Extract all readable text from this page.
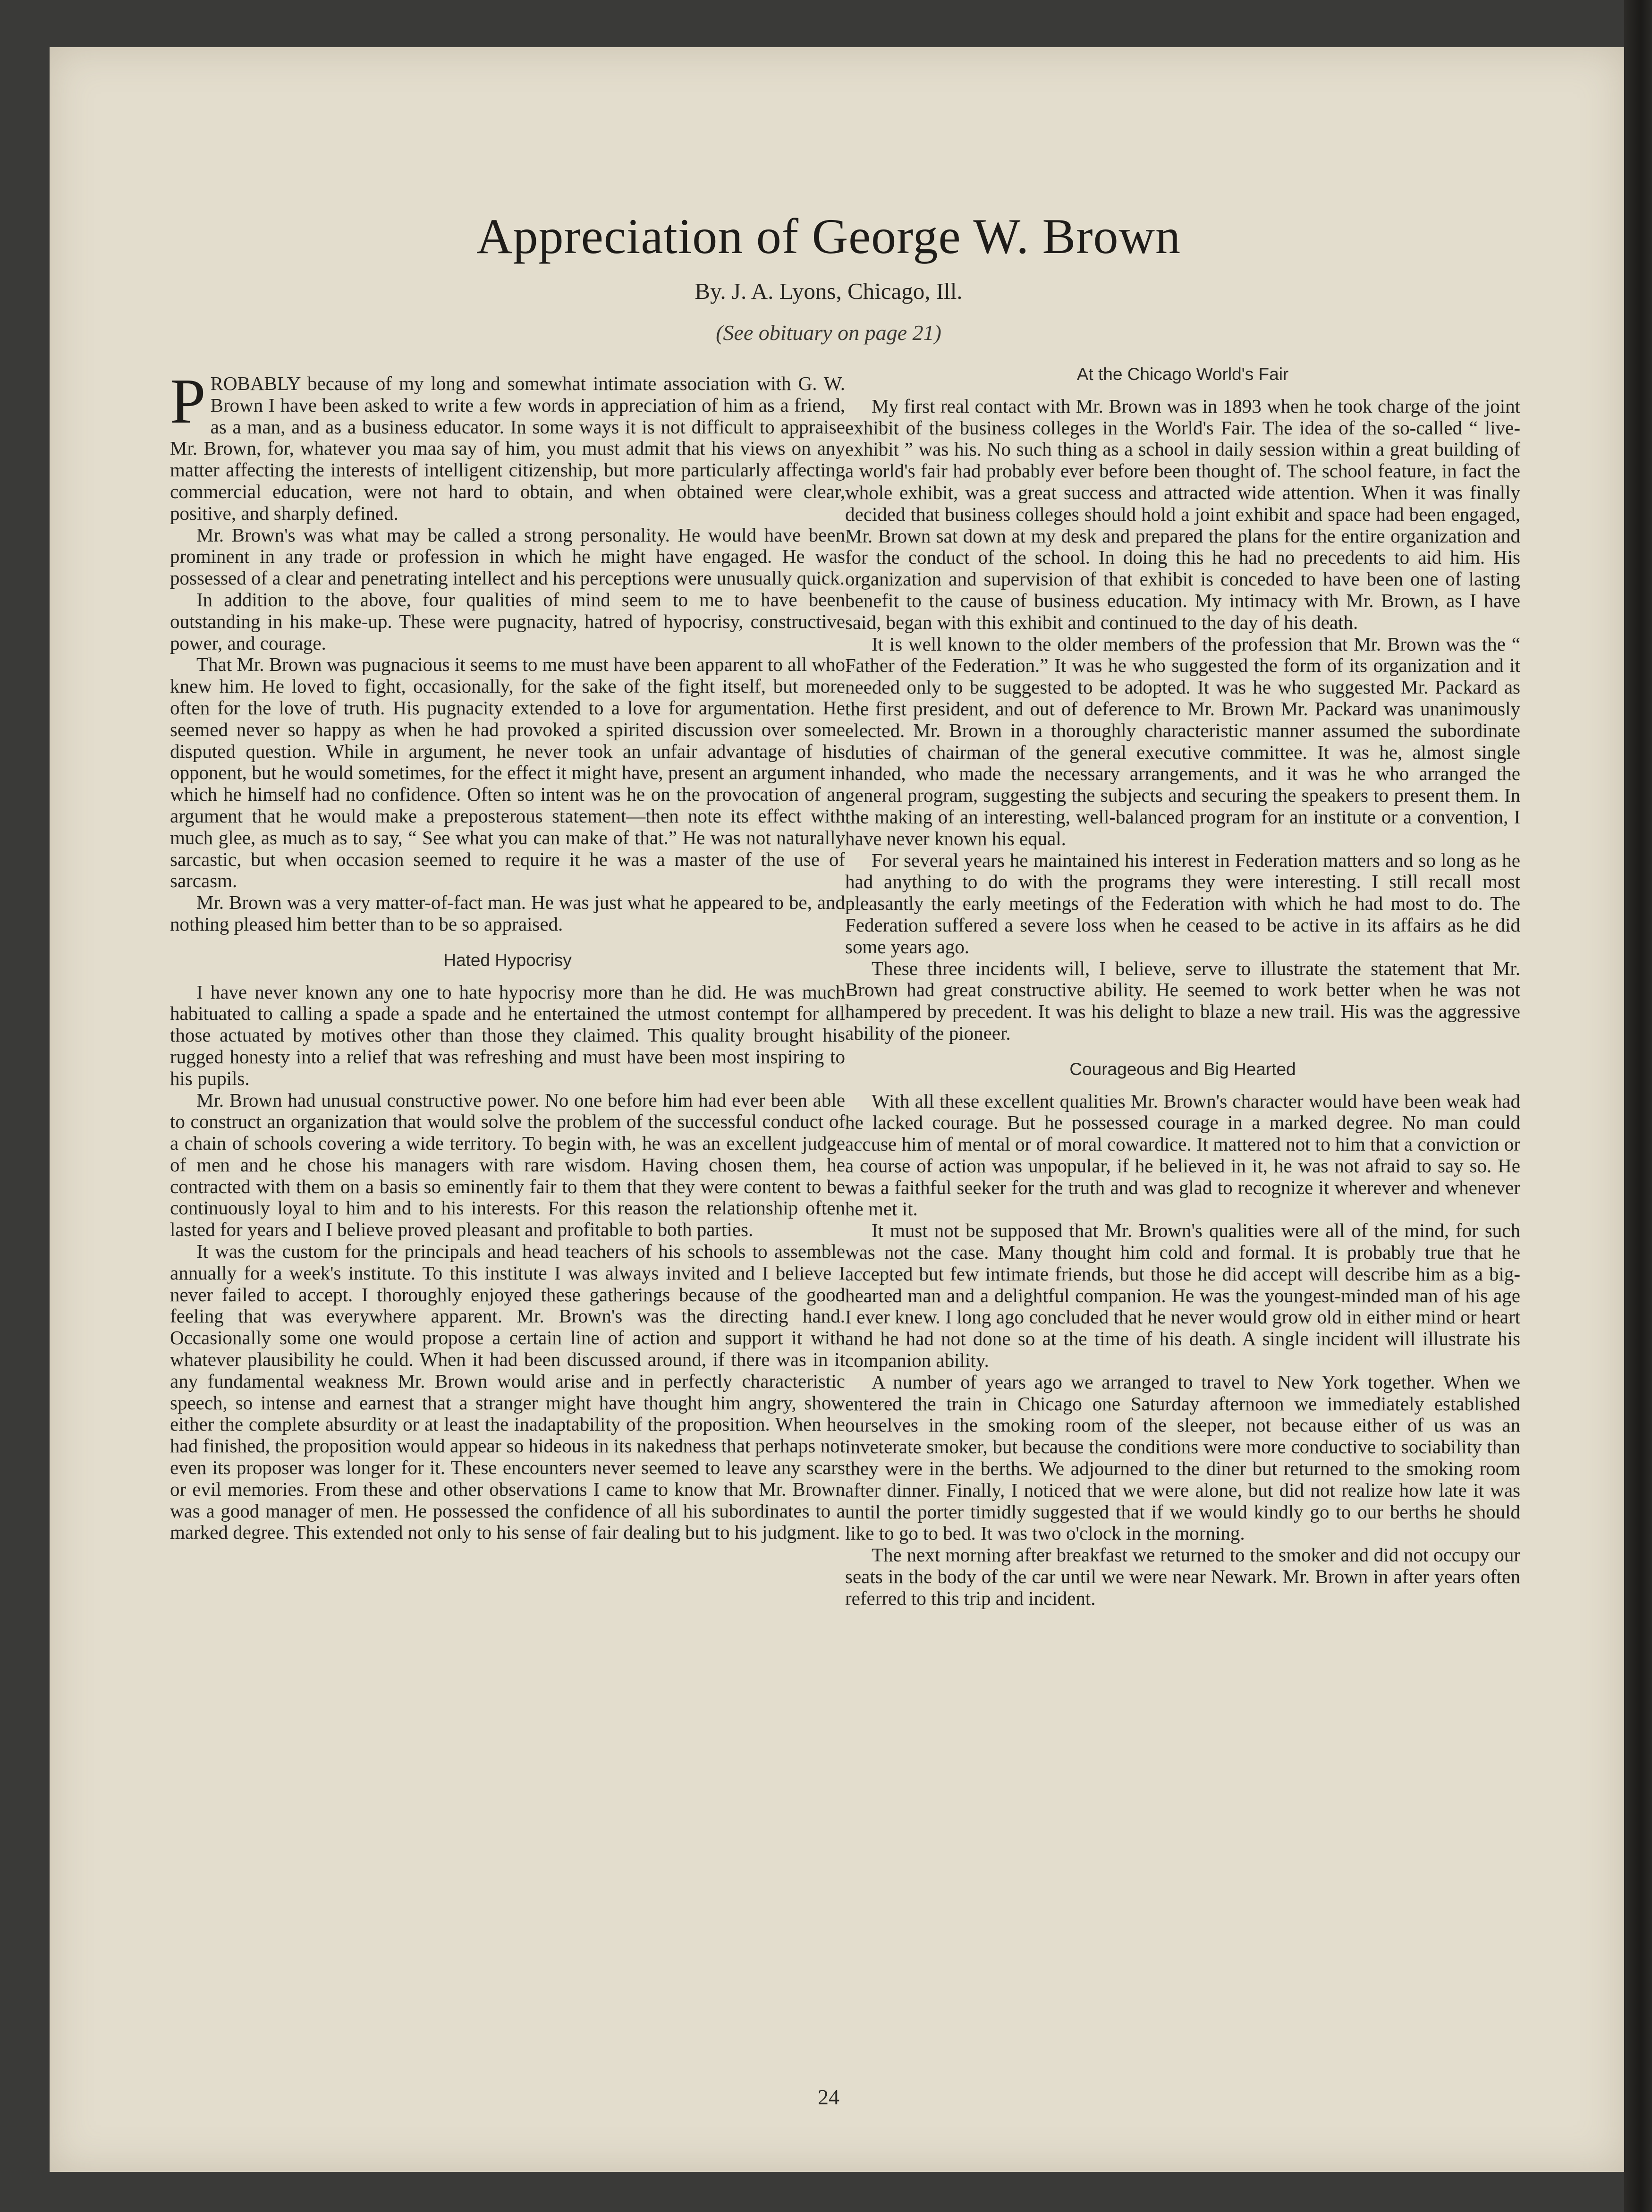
Appreciation of George W. Brown
By. J. A. Lyons, Chicago, Ill.
(See obituary on page 21)

PROBABLY because of my long and somewhat intimate association with G. W. Brown I have been asked to write a few words in appreciation of him as a friend, as a man, and as a business educator. In some ways it is not difficult to appraise Mr. Brown, for, whatever you maa say of him, you must admit that his views on any matter affecting the interests of intelligent citizenship, but more particularly affecting commercial education, were not hard to obtain, and when obtained were clear, positive, and sharply defined.

Mr. Brown's was what may be called a strong personality. He would have been prominent in any trade or profession in which he might have engaged. He was possessed of a clear and penetrating intellect and his perceptions were unusually quick.

In addition to the above, four qualities of mind seem to me to have been outstanding in his make-up. These were pugnacity, hatred of hypocrisy, constructive power, and courage.

That Mr. Brown was pugnacious it seems to me must have been apparent to all who knew him. He loved to fight, occasionally, for the sake of the fight itself, but more often for the love of truth. His pugnacity extended to a love for argumentation. He seemed never so happy as when he had provoked a spirited discussion over some disputed question. While in argument, he never took an unfair advantage of his opponent, but he would sometimes, for the effect it might have, present an argument in which he himself had no confidence. Often so intent was he on the provocation of an argument that he would make a preposterous statement—then note its effect with much glee, as much as to say, “ See what you can make of that.” He was not naturally sarcastic, but when occasion seemed to require it he was a master of the use of sarcasm.

Mr. Brown was a very matter-of-fact man. He was just what he appeared to be, and nothing pleased him better than to be so appraised.

Hated Hypocrisy

I have never known any one to hate hypocrisy more than he did. He was much habituated to calling a spade a spade and he entertained the utmost contempt for all those actuated by motives other than those they claimed. This quality brought his rugged honesty into a relief that was refreshing and must have been most inspiring to his pupils.

Mr. Brown had unusual constructive power. No one before him had ever been able to construct an organization that would solve the problem of the successful conduct of a chain of schools covering a wide territory. To begin with, he was an excellent judge of men and he chose his managers with rare wisdom. Having chosen them, he contracted with them on a basis so eminently fair to them that they were content to be continuously loyal to him and to his interests. For this reason the relationship often lasted for years and I believe proved pleasant and profitable to both parties.

It was the custom for the principals and head teachers of his schools to assemble annually for a week's institute. To this institute I was always invited and I believe I never failed to accept. I thoroughly enjoyed these gatherings because of the good feeling that was everywhere apparent. Mr. Brown's was the directing hand. Occasionally some one would propose a certain line of action and support it with whatever plausibility he could. When it had been discussed around, if there was in it any fundamental weakness Mr. Brown would arise and in perfectly characteristic speech, so intense and earnest that a stranger might have thought him angry, show either the complete absurdity or at least the inadaptability of the proposition. When he had finished, the proposition would appear so hideous in its nakedness that perhaps not even its proposer was longer for it. These encounters never seemed to leave any scars or evil memories. From these and other observations I came to know that Mr. Brown was a good manager of men. He possessed the confidence of all his subordinates to a marked degree. This extended not only to his sense of fair dealing but to his judgment.

At the Chicago World's Fair

My first real contact with Mr. Brown was in 1893 when he took charge of the joint exhibit of the business colleges in the World's Fair. The idea of the so-called “ live-exhibit ” was his. No such thing as a school in daily session within a great building of a world's fair had probably ever before been thought of. The school feature, in fact the whole exhibit, was a great success and attracted wide attention. When it was finally decided that business colleges should hold a joint exhibit and space had been engaged, Mr. Brown sat down at my desk and prepared the plans for the entire organization and for the conduct of the school. In doing this he had no precedents to aid him. His organization and supervision of that exhibit is conceded to have been one of lasting benefit to the cause of business education. My intimacy with Mr. Brown, as I have said, began with this exhibit and continued to the day of his death.

It is well known to the older members of the profession that Mr. Brown was the “ Father of the Federation.” It was he who suggested the form of its organization and it needed only to be suggested to be adopted. It was he who suggested Mr. Packard as the first president, and out of deference to Mr. Brown Mr. Packard was unanimously elected. Mr. Brown in a thoroughly characteristic manner assumed the subordinate duties of chairman of the general executive committee. It was he, almost single handed, who made the necessary arrangements, and it was he who arranged the general program, suggesting the subjects and securing the speakers to present them. In the making of an interesting, well-balanced program for an institute or a convention, I have never known his equal.

For several years he maintained his interest in Federation matters and so long as he had anything to do with the programs they were interesting. I still recall most pleasantly the early meetings of the Federation with which he had most to do. The Federation suffered a severe loss when he ceased to be active in its affairs as he did some years ago.

These three incidents will, I believe, serve to illustrate the statement that Mr. Brown had great constructive ability. He seemed to work better when he was not hampered by precedent. It was his delight to blaze a new trail. His was the aggressive ability of the pioneer.

Courageous and Big Hearted

With all these excellent qualities Mr. Brown's character would have been weak had he lacked courage. But he possessed courage in a marked degree. No man could accuse him of mental or of moral cowardice. It mattered not to him that a conviction or a course of action was unpopular, if he believed in it, he was not afraid to say so. He was a faithful seeker for the truth and was glad to recognize it wherever and whenever he met it.

It must not be supposed that Mr. Brown's qualities were all of the mind, for such was not the case. Many thought him cold and formal. It is probably true that he accepted but few intimate friends, but those he did accept will describe him as a big-hearted man and a delightful companion. He was the youngest-minded man of his age I ever knew. I long ago concluded that he never would grow old in either mind or heart and he had not done so at the time of his death. A single incident will illustrate his companion ability.

A number of years ago we arranged to travel to New York together. When we entered the train in Chicago one Saturday afternoon we immediately established ourselves in the smoking room of the sleeper, not because either of us was an inveterate smoker, but because the conditions were more conductive to sociability than they were in the berths. We adjourned to the diner but returned to the smoking room after dinner. Finally, I noticed that we were alone, but did not realize how late it was until the porter timidly suggested that if we would kindly go to our berths he should like to go to bed. It was two o'clock in the morning.

The next morning after breakfast we returned to the smoker and did not occupy our seats in the body of the car until we were near Newark. Mr. Brown in after years often referred to this trip and incident.

24
